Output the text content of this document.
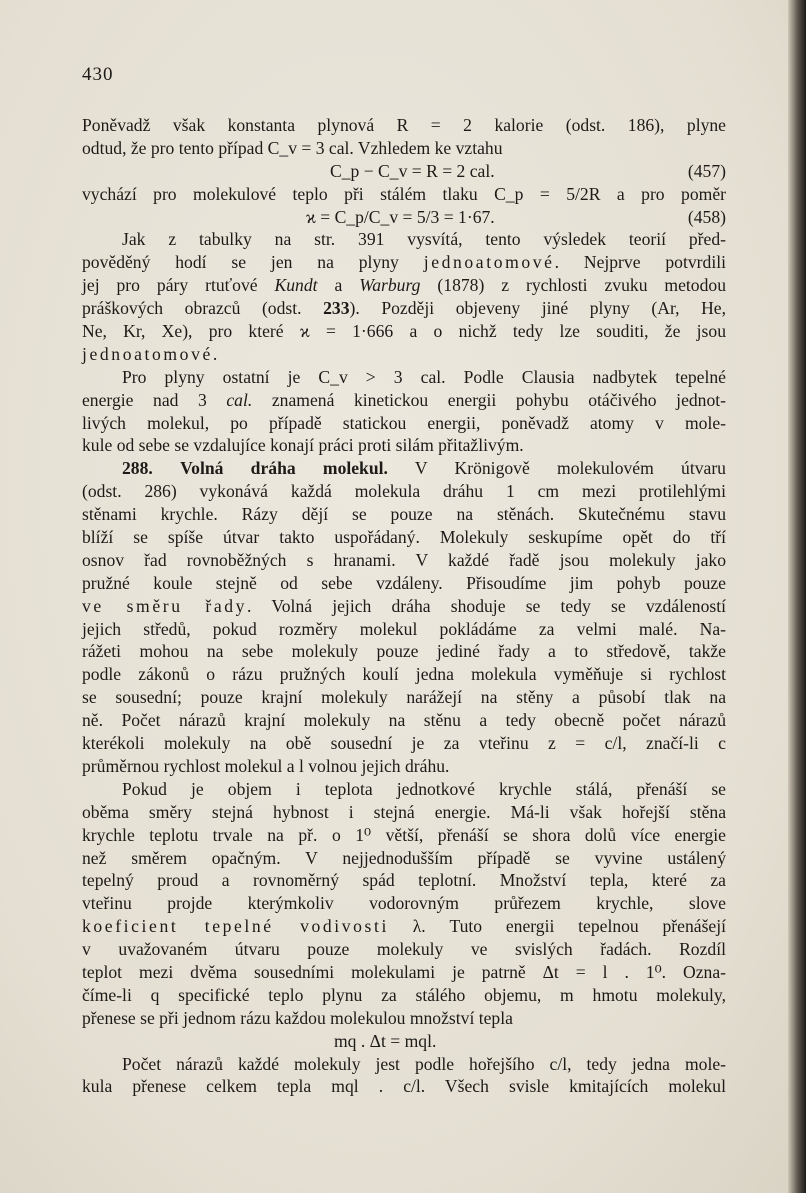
430
Poněvadž však konstanta plynová R = 2 kalorie (odst. 186), plyne
odtud, že pro tento případ C_v = 3 cal. Vzhledem ke vztahu
C_p − C_v = R = 2 cal.	(457)
vychází pro molekulové teplo při stálém tlaku C_p = 5/2R a pro poměr
ϰ = C_p/C_v = 5/3 = 1·67.	(458)
Jak z tabulky na str. 391 vysvítá, tento výsledek teorií před-
pověděný hodí se jen na plyny jednoatomové. Nejprve potvrdili
jej pro páry rtuťové Kundt a Warburg (1878) z rychlosti zvuku metodou
práškových obrazců (odst. 233). Později objeveny jiné plyny (Ar, He,
Ne, Kr, Xe), pro které ϰ = 1·666 a o nichž tedy lze souditi, že jsou
jednoatomové.
Pro plyny ostatní je C_v > 3 cal. Podle Clausia nadbytek tepelné
energie nad 3 cal. znamená kinetickou energii pohybu otáčivého jednot-
livých molekul, po případě statickou energii, poněvadž atomy v mole-
kule od sebe se vzdalujíce konají práci proti silám přitažlivým.
288. Volná dráha molekul. V Krönigově molekulovém útvaru
(odst. 286) vykonává každá molekula dráhu 1 cm mezi protilehlými
stěnami krychle. Rázy dějí se pouze na stěnách. Skutečnému stavu
blíží se spíše útvar takto uspořádaný. Molekuly seskupíme opět do tří
osnov řad rovnoběžných s hranami. V každé řadě jsou molekuly jako
pružné koule stejně od sebe vzdáleny. Přisoudíme jim pohyb pouze
ve směru řady. Volná jejich dráha shoduje se tedy se vzdáleností
jejich středů, pokud rozměry molekul pokládáme za velmi malé. Na-
rážeti mohou na sebe molekuly pouze jediné řady a to středově, takže
podle zákonů o rázu pružných koulí jedna molekula vyměňuje si rychlost
se sousední; pouze krajní molekuly narážejí na stěny a působí tlak na
ně. Počet nárazů krajní molekuly na stěnu a tedy obecně počet nárazů
kterékoli molekuly na obě sousední je za vteřinu z = c/l, značí-li c
průměrnou rychlost molekul a l volnou jejich dráhu.
Pokud je objem i teplota jednotkové krychle stálá, přenáší se
oběma směry stejná hybnost i stejná energie. Má-li však hořejší stěna
krychle teplotu trvale na př. o 1⁰ větší, přenáší se shora dolů více energie
než směrem opačným. V nejjednodušším případě se vyvine ustálený
tepelný proud a rovnoměrný spád teplotní. Množství tepla, které za
vteřinu projde kterýmkoliv vodorovným průřezem krychle, slove
koeficient tepelné vodivosti λ. Tuto energii tepelnou přenášejí
v uvažovaném útvaru pouze molekuly ve svislých řadách. Rozdíl
teplot mezi dvěma sousedními molekulami je patrně Δt = l . 1⁰. Ozna-
číme-li q specifické teplo plynu za stálého objemu, m hmotu molekuly,
přenese se při jednom rázu každou molekulou množství tepla
mq . Δt = mql.
Počet nárazů každé molekuly jest podle hořejšího c/l, tedy jedna mole-
kula přenese celkem tepla mql . c/l. Všech svisle kmitajících molekul
